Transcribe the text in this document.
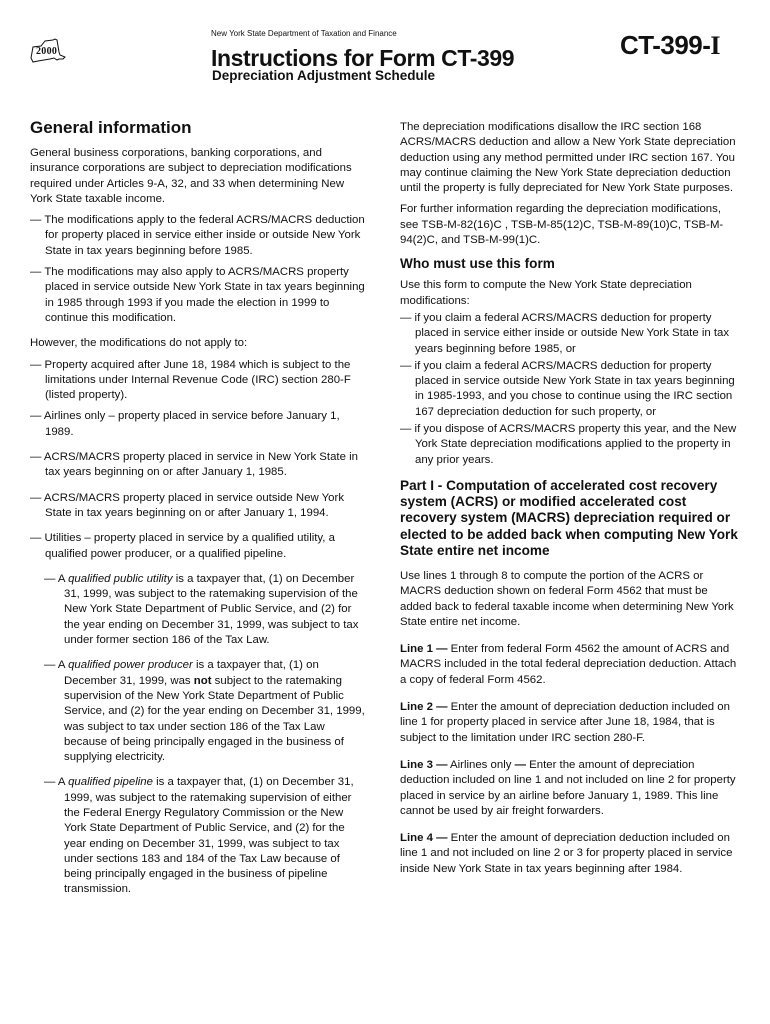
2000
New York State Department of Taxation and Finance
Instructions for Form CT-399
Depreciation Adjustment Schedule
CT-399-I
General information

General business corporations, banking corporations, and insurance corporations are subject to depreciation modifications required under Articles 9-A, 32, and 33 when determining New York State taxable income.

— The modifications apply to the federal ACRS/MACRS deduction for property placed in service either inside or outside New York State in tax years beginning before 1985.

— The modifications may also apply to ACRS/MACRS property placed in service outside New York State in tax years beginning in 1985 through 1993 if you made the election in 1999 to continue this modification.

However, the modifications do not apply to:

— Property acquired after June 18, 1984 which is subject to the limitations under Internal Revenue Code (IRC) section 280-F (listed property).

— Airlines only – property placed in service before January 1, 1989.

— ACRS/MACRS property placed in service in New York State in tax years beginning on or after January 1, 1985.

— ACRS/MACRS property placed in service outside New York State in tax years beginning on or after January 1, 1994.

— Utilities – property placed in service by a qualified utility, a qualified power producer, or a qualified pipeline.

— A qualified public utility is a taxpayer that, (1) on December 31, 1999, was subject to the ratemaking supervision of the New York State Department of Public Service, and (2) for the year ending on December 31, 1999, was subject to tax under former section 186 of the Tax Law.

— A qualified power producer is a taxpayer that, (1) on December 31, 1999, was not subject to the ratemaking supervision of the New York State Department of Public Service, and (2) for the year ending on December 31, 1999, was subject to tax under section 186 of the Tax Law because of being principally engaged in the business of supplying electricity.

— A qualified pipeline is a taxpayer that, (1) on December 31, 1999, was subject to the ratemaking supervision of either the Federal Energy Regulatory Commission or the New York State Department of Public Service, and (2) for the year ending on December 31, 1999, was subject to tax under sections 183 and 184 of the Tax Law because of being principally engaged in the business of pipeline transmission.

The depreciation modifications disallow the IRC section 168 ACRS/MACRS deduction and allow a New York State depreciation deduction using any method permitted under IRC section 167. You may continue claiming the New York State depreciation deduction until the property is fully depreciated for New York State purposes.

For further information regarding the depreciation modifications, see TSB-M-82(16)C , TSB-M-85(12)C, TSB-M-89(10)C, TSB-M-94(2)C, and TSB-M-99(1)C.

Who must use this form

Use this form to compute the New York State depreciation modifications:

— if you claim a federal ACRS/MACRS deduction for property placed in service either inside or outside New York State in tax years beginning before 1985, or

— if you claim a federal ACRS/MACRS deduction for property placed in service outside New York State in tax years beginning in 1985-1993, and you chose to continue using the IRC section 167 depreciation deduction for such property, or

— if you dispose of ACRS/MACRS property this year, and the New York State depreciation modifications applied to the property in any prior years.

Part I - Computation of accelerated cost recovery system (ACRS) or modified accelerated cost recovery system (MACRS) depreciation required or elected to be added back when computing New York State entire net income

Use lines 1 through 8 to compute the portion of the ACRS or MACRS deduction shown on federal Form 4562 that must be added back to federal taxable income when determining New York State entire net income.

Line 1 — Enter from federal Form 4562 the amount of ACRS and MACRS included in the total federal depreciation deduction. Attach a copy of federal Form 4562.

Line 2 — Enter the amount of depreciation deduction included on line 1 for property placed in service after June 18, 1984, that is subject to the limitation under IRC section 280-F.

Line 3 — Airlines only — Enter the amount of depreciation deduction included on line 1 and not included on line 2 for property placed in service by an airline before January 1, 1989. This line cannot be used by air freight forwarders.

Line 4 — Enter the amount of depreciation deduction included on line 1 and not included on line 2 or 3 for property placed in service inside New York State in tax years beginning after 1984.
